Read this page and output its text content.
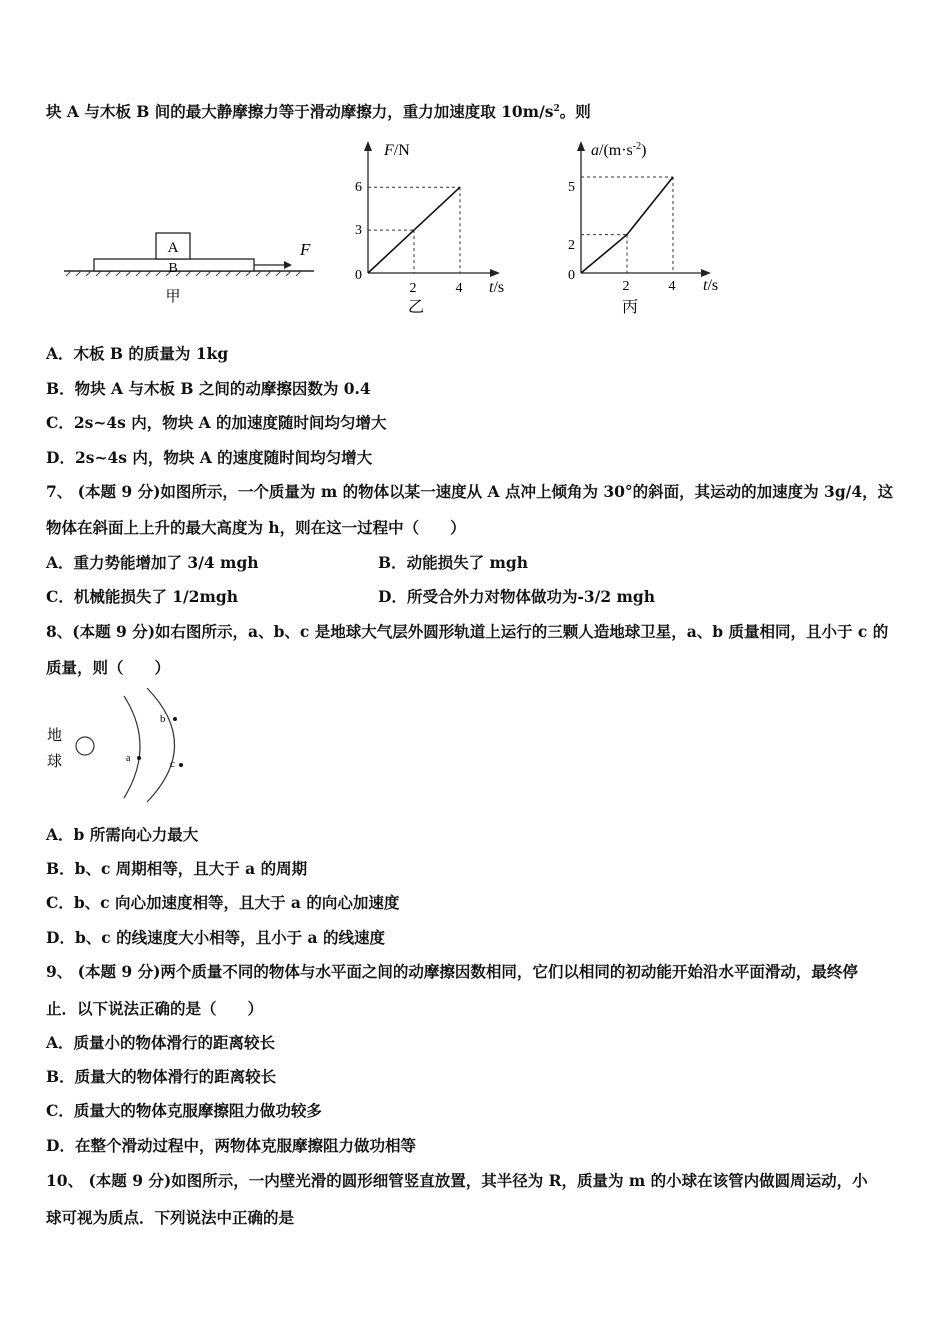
块 A 与木板 B 间的最大静摩擦力等于滑动摩擦力，重力加速度取 $10m/s^2$。则
A
B
F
甲
F/N
0
t/s
6
3
2	4
乙
$a/(m\cdot s^{-2})$
0
t/s
5
2
2	4
丙
A．木板 B 的质量为 1kg
B．物块 A 与木板 B 之间的动摩擦因数为 0.4
C．2s~4s 内，物块 A 的加速度随时间均匀增大
D．2s~4s 内，物块 A 的速度随时间均匀增大
7、 (本题 9 分)如图所示，一个质量为 m 的物体以某一速度从 A 点冲上倾角为 30°的斜面，其运动的加速度为 3g/4，这
物体在斜面上上升的最大高度为 h，则在这一过程中（　　）
A．重力势能增加了 3/4 mgh	B．动能损失了 mgh
C．机械能损失了 1/2mgh	D．所受合外力对物体做功为-3/2 mgh
8、(本题 9 分)如右图所示，a、b、c 是地球大气层外圆形轨道上运行的三颗人造地球卫星，a、b 质量相同，且小于 c 的
质量，则（　　）
地
球	a
b
c
A．b 所需向心力最大
B．b、c 周期相等，且大于 a 的周期
C．b、c 向心加速度相等，且大于 a 的向心加速度
D．b、c 的线速度大小相等，且小于 a 的线速度
9、 (本题 9 分)两个质量不同的物体与水平面之间的动摩擦因数相同，它们以相同的初动能开始沿水平面滑动，最终停
止．以下说法正确的是（　　）
A．质量小的物体滑行的距离较长
B．质量大的物体滑行的距离较长
C．质量大的物体克服摩擦阻力做功较多
D．在整个滑动过程中，两物体克服摩擦阻力做功相等
10、 (本题 9 分)如图所示，一内壁光滑的圆形细管竖直放置，其半径为 R，质量为 m 的小球在该管内做圆周运动，小
球可视为质点．下列说法中正确的是
